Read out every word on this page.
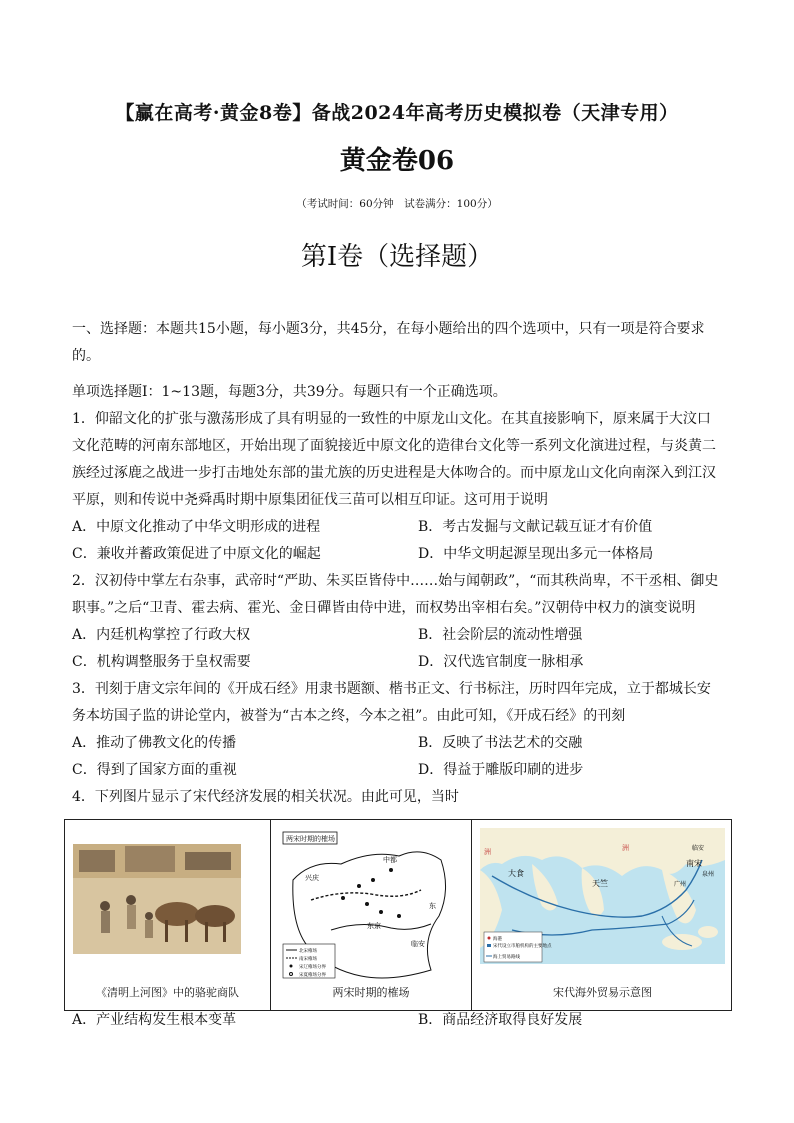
【赢在高考·黄金8卷】备战2024年高考历史模拟卷（天津专用）
黄金卷06
（考试时间：60分钟　试卷满分：100分）
第I卷（选择题）

一、选择题：本题共15小题，每小题3分，共45分，在每小题给出的四个选项中，只有一项是符合要求的。

单项选择题Ⅰ：1~13题，每题3分，共39分。每题只有一个正确选项。

1．仰韶文化的扩张与激荡形成了具有明显的一致性的中原龙山文化。在其直接影响下，原来属于大汶口文化范畴的河南东部地区，开始出现了面貌接近中原文化的造律台文化等一系列文化演进过程，与炎黄二族经过涿鹿之战进一步打击地处东部的蚩尤族的历史进程是大体吻合的。而中原龙山文化向南深入到江汉平原，则和传说中尧舜禹时期中原集团征伐三苗可以相互印证。这可用于说明

A．中原文化推动了中华文明形成的进程	B．考古发掘与文献记载互证才有价值
C．兼收并蓄政策促进了中原文化的崛起	D．中华文明起源呈现出多元一体格局

2．汉初侍中掌左右杂事，武帝时“严助、朱买臣皆侍中……始与闻朝政”，“而其秩尚卑，不干丞相、御史职事。”之后“卫青、霍去病、霍光、金日磾皆由侍中进，而权势出宰相右矣。”汉朝侍中权力的演变说明

A．内廷机构掌控了行政大权	B．社会阶层的流动性增强
C．机构调整服务于皇权需要	D．汉代选官制度一脉相承

3．刊刻于唐文宗年间的《开成石经》用隶书题额、楷书正文、行书标注，历时四年完成，立于都城长安务本坊国子监的讲论堂内，被誉为“古本之终，今本之祖”。由此可知，《开成石经》的刊刻

A．推动了佛教文化的传播	B．反映了书法艺术的交融
C．得到了国家方面的重视	D．得益于雕版印刷的进步

4．下列图片显示了宋代经济发展的相关状况。由此可见，当时

《清明上河图》中的骆驼商队
两宋时期的榷场
中都
兴庆
东京
临安
东
北宋榷场
南宋榷场
宋辽榷场分界
宋夏榷场分界
两宋时期的榷场
大食
天竺
南宋
临安
泉州
广州
洲	洲
海港
宋代设立市舶机构的主要地点
海上贸易路线
宋代海外贸易示意图
A．产业结构发生根本变革	B．商品经济取得良好发展
